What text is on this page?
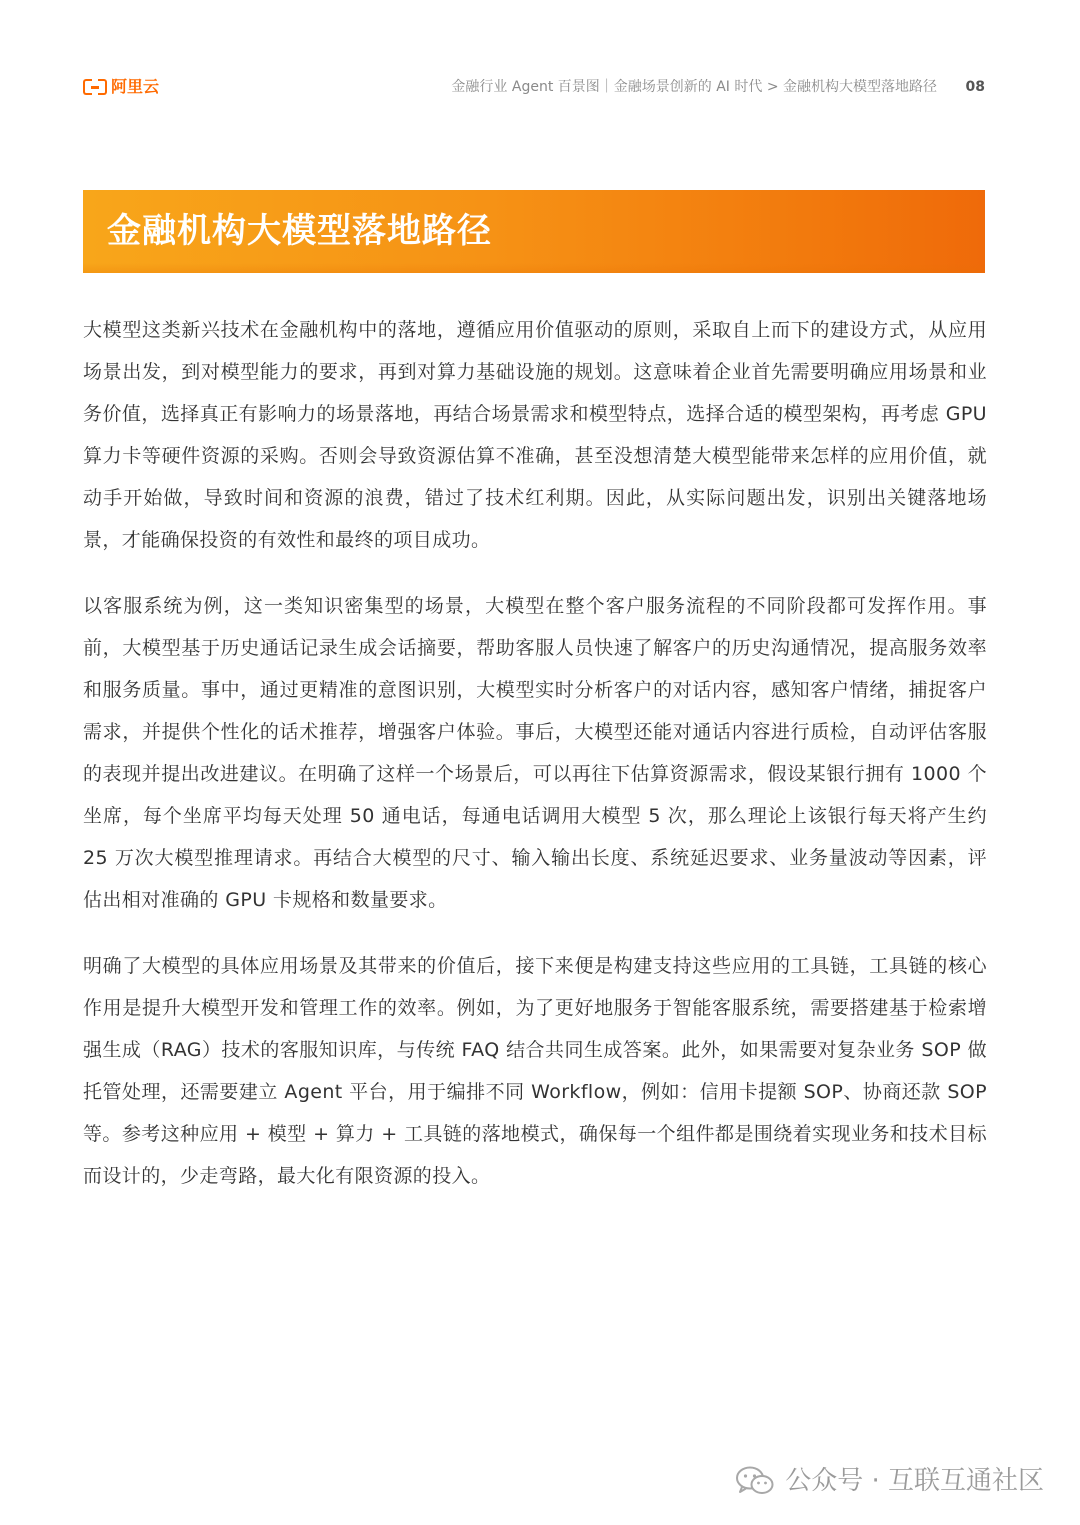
阿里云	金融行业 Agent 百景图｜金融场景创新的 AI 时代 > 金融机构大模型落地路径 08
金融机构大模型落地路径

大模型这类新兴技术在金融机构中的落地，遵循应用价值驱动的原则，采取自上而下的建设方式，从应用场景出发，到对模型能力的要求，再到对算力基础设施的规划。这意味着企业首先需要明确应用场景和业务价值，选择真正有影响力的场景落地，再结合场景需求和模型特点，选择合适的模型架构，再考虑 GPU 算力卡等硬件资源的采购。否则会导致资源估算不准确，甚至没想清楚大模型能带来怎样的应用价值，就动手开始做，导致时间和资源的浪费，错过了技术红利期。因此，从实际问题出发，识别出关键落地场景，才能确保投资的有效性和最终的项目成功。

以客服系统为例，这一类知识密集型的场景，大模型在整个客户服务流程的不同阶段都可发挥作用。事前，大模型基于历史通话记录生成会话摘要，帮助客服人员快速了解客户的历史沟通情况，提高服务效率和服务质量。事中，通过更精准的意图识别，大模型实时分析客户的对话内容，感知客户情绪，捕捉客户需求，并提供个性化的话术推荐，增强客户体验。事后，大模型还能对通话内容进行质检，自动评估客服的表现并提出改进建议。在明确了这样一个场景后，可以再往下估算资源需求，假设某银行拥有 1000 个坐席，每个坐席平均每天处理 50 通电话，每通电话调用大模型 5 次，那么理论上该银行每天将产生约 25 万次大模型推理请求。再结合大模型的尺寸、输入输出长度、系统延迟要求、业务量波动等因素，评估出相对准确的 GPU 卡规格和数量要求。

明确了大模型的具体应用场景及其带来的价值后，接下来便是构建支持这些应用的工具链，工具链的核心作用是提升大模型开发和管理工作的效率。例如，为了更好地服务于智能客服系统，需要搭建基于检索增强生成（RAG）技术的客服知识库，与传统 FAQ 结合共同生成答案。此外，如果需要对复杂业务 SOP 做托管处理，还需要建立 Agent 平台，用于编排不同 Workflow，例如：信用卡提额 SOP、协商还款 SOP 等。参考这种应用 + 模型 + 算力 + 工具链的落地模式，确保每一个组件都是围绕着实现业务和技术目标而设计的，少走弯路，最大化有限资源的投入。

公众号 · 互联互通社区
